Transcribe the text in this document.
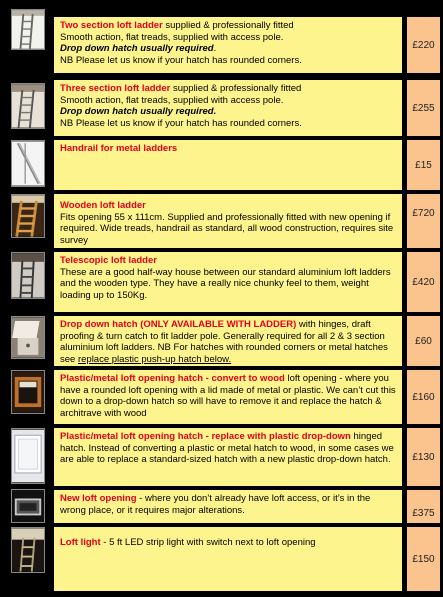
Two section loft ladder supplied & professionally fitted
Smooth action, flat treads, supplied with access pole.
Drop down hatch usually required.
NB Please let us know if your hatch has rounded corners.
£220
Three section loft ladder supplied & professionally fitted
Smooth action, flat treads, supplied with access pole.
Drop down hatch usually required.
NB Please let us know if your hatch has rounded corners.
£255
Handrail for metal ladders
£15
Wooden loft ladder
Fits opening 55 x 111cm. Supplied and professionally fitted with new opening if required. Wide treads, handrail as standard, all wood construction, requires site survey
£720
Telescopic loft ladder
These are a good half-way house between our standard aluminium loft ladders and the wooden type. They have a really nice chunky feel to them, weight loading up to 150Kg.
£420
Drop down hatch (ONLY AVAILABLE WITH LADDER) with hinges, draft proofing & turn catch to fit ladder pole. Generally required for all 2 & 3 section aluminium loft ladders. NB For hatches with rounded corners or metal hatches see replace plastic push-up hatch below.
£60
Plastic/metal loft opening hatch - convert to wood loft opening - where you have a rounded loft opening with a lid made of metal or plastic. We can’t cut this down to a drop-down hatch so will have to remove it and replace the hatch & architrave with wood
£160
Plastic/metal loft opening hatch - replace with plastic drop-down hinged hatch. Instead of converting a plastic or metal hatch to wood, in some cases we are able to replace a standard-sized hatch with a new plastic drop-down hatch.	£130
New loft opening - where you don’t already have loft access, or it’s in the wrong place, or it requires major alterations.	£375
Loft light - 5 ft LED strip light with switch next to loft opening
£150
